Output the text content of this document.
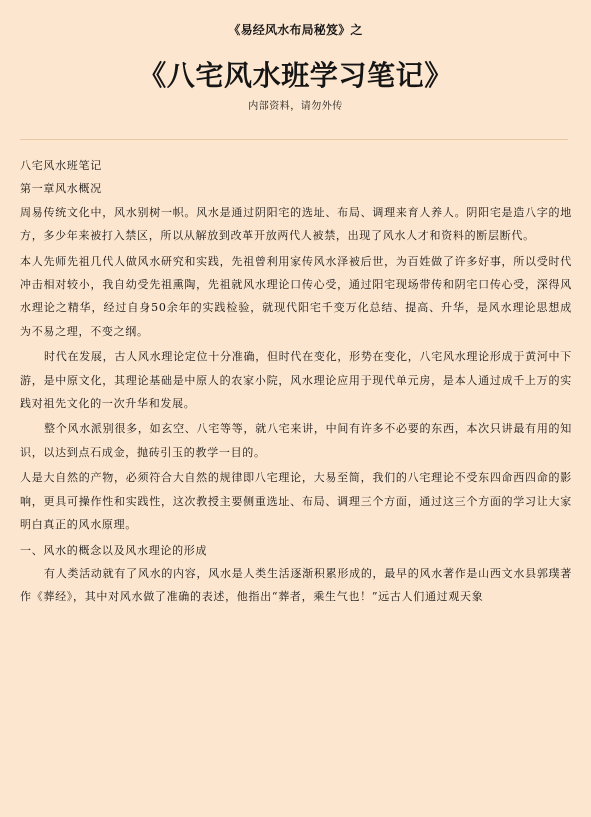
《易经风水布局秘笈》之
《八宅风水班学习笔记》
内部资料，请勿外传

八宅风水班笔记

第一章风水概况

周易传统文化中，风水别树一帜。风水是通过阴阳宅的选址、布局、调理来育人养人。阴阳宅是造八字的地方，多少年来被打入禁区，所以从解放到改革开放两代人被禁，出现了风水人才和资料的断层断代。

本人先师先祖几代人做风水研究和实践，先祖曾利用家传风水泽被后世，为百姓做了许多好事，所以受时代冲击相对较小，我自幼受先祖熏陶，先祖就风水理论口传心受，通过阳宅现场带传和阴宅口传心受，深得风水理论之精华，经过自身50余年的实践检验，就现代阳宅千变万化总结、提高、升华，是风水理论思想成为不易之理，不变之纲。

时代在发展，古人风水理论定位十分准确，但时代在变化，形势在变化，八宅风水理论形成于黄河中下游，是中原文化，其理论基础是中原人的农家小院，风水理论应用于现代单元房，是本人通过成千上万的实践对祖先文化的一次升华和发展。

整个风水派别很多，如玄空、八宅等等，就八宅来讲，中间有许多不必要的东西，本次只讲最有用的知识，以达到点石成金，抛砖引玉的教学一目的。

人是大自然的产物，必须符合大自然的规律即八宅理论，大易至简，我们的八宅理论不受东四命西四命的影响，更具可操作性和实践性，这次教授主要侧重选址、布局、调理三个方面，通过这三个方面的学习让大家明白真正的风水原理。

一、风水的概念以及风水理论的形成

有人类活动就有了风水的内容，风水是人类生活逐渐积累形成的，最早的风水著作是山西文水县郭璞著作《葬经》，其中对风水做了准确的表述，他指出“葬者，乘生气也！”远古人们通过观天象
